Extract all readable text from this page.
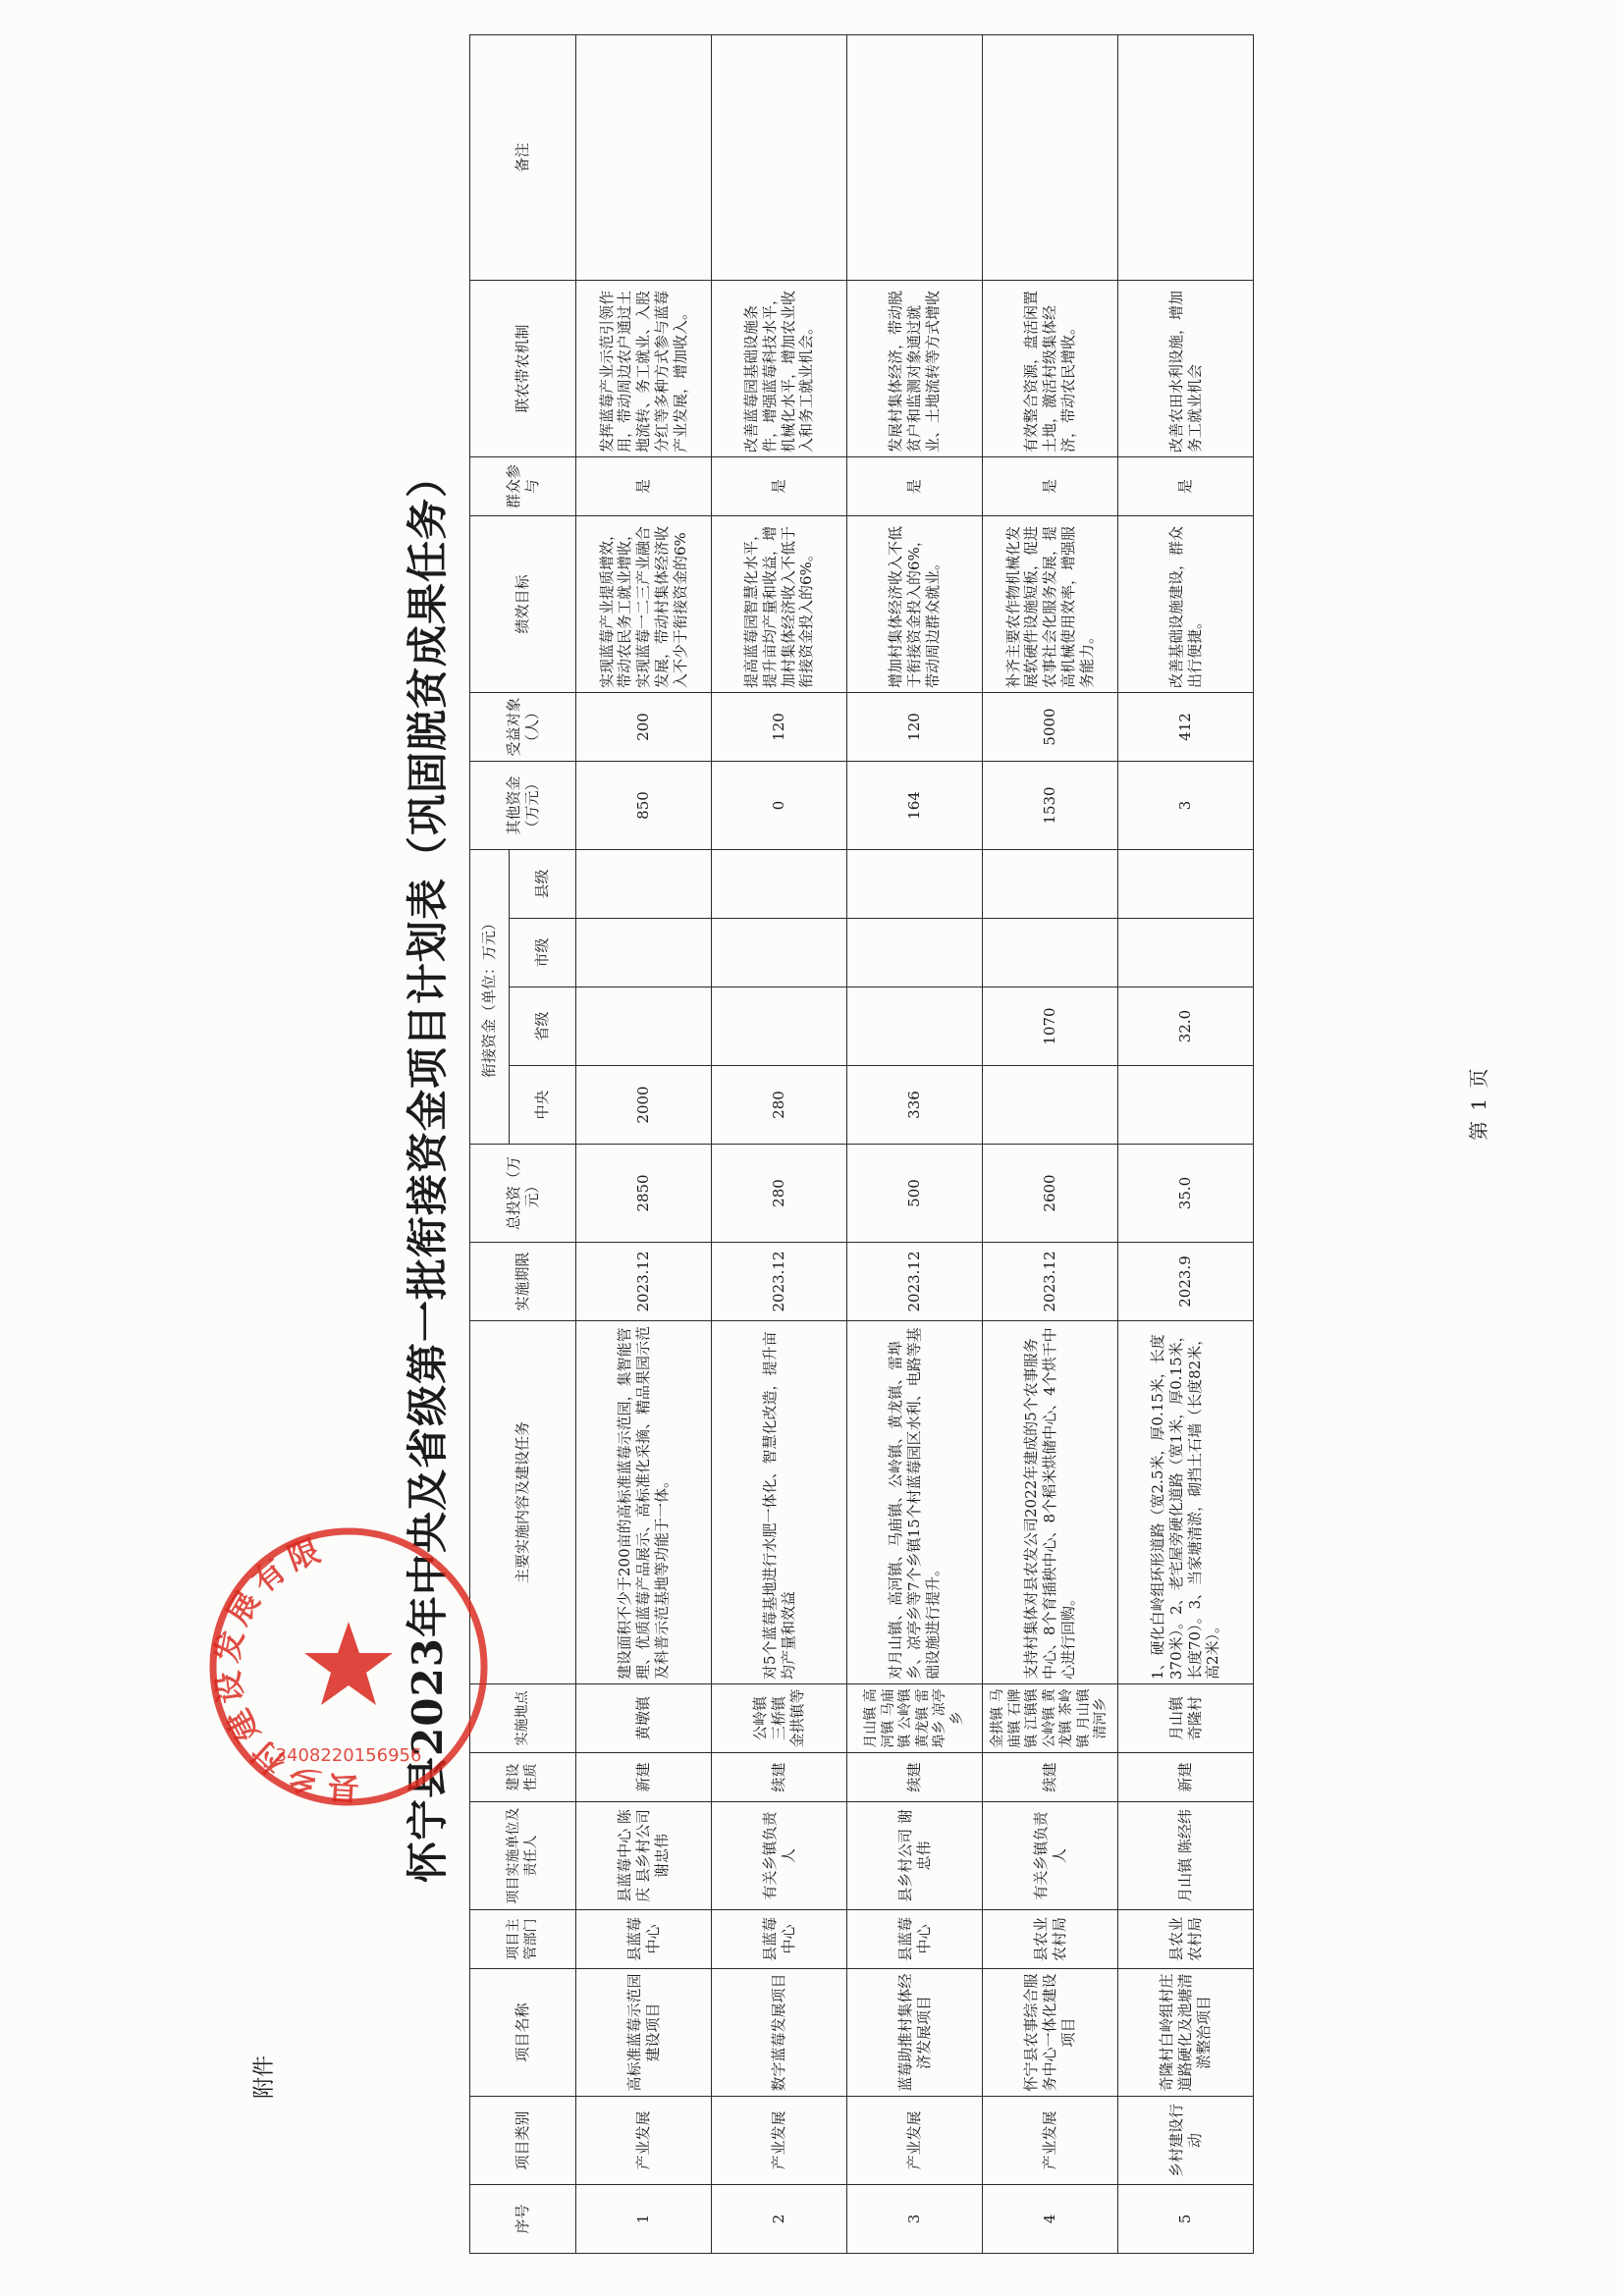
附件
怀宁县2023年中央及省级第一批衔接资金项目计划表（巩固脱贫成果任务）
序号	项目类别	项目名称	项目主管部门	项目实施单位及责任人	建设性质	实施地点	主要实施内容及建设任务	实施期限	总投资（万元）	衔接资金（单位：万元）				其他资金（万元）	受益对象（人）	绩效目标	群众参与	联农带农机制	备注
										中央	省级	市级	县级						
1	产业发展	高标准蓝莓示范园建设项目	县蓝莓中心	县蓝莓中心 陈庆 县乡村公司 谢忠伟	新建	黄墩镇	建设面积不少于200亩的高标准蓝莓示范园，集智能管理、优质蓝莓产品展示、高标准化采摘、精品果园示范及科普示范基地等功能于一体。	2023.12	2850	2000				850	200	实现蓝莓产业提质增效，带动农民务工就业增收，实现蓝莓一二三产业融合发展，带动村集体经济收入不少于衔接资金的6%	是	发挥蓝莓产业示范引领作用，带动周边农户通过土地流转、务工就业、入股分红等多种方式参与蓝莓产业发展，增加收入。	
2	产业发展	数字蓝莓发展项目	县蓝莓中心	有关乡镇负责人	续建	公岭镇 三桥镇 金拱镇等	对5个蓝莓基地进行水肥一体化、智慧化改造，提升亩均产量和效益	2023.12	280	280				0	120	提高蓝莓园智慧化水平，提升亩均产量和收益，增加村集体经济收入不低于衔接资金投入的6%。	是	改善蓝莓园基础设施条件，增强蓝莓科技水平，机械化水平，增加农业收入和务工就业机会。	
3	产业发展	蓝莓助推村集体经济发展项目	县蓝莓中心	县乡村公司 谢忠伟	续建	月山镇 高河镇 马庙镇 公岭镇 黄龙镇 雷埠乡 凉亭乡	对月山镇、高河镇、马庙镇、公岭镇、黄龙镇、雷埠乡、凉亭乡等7个乡镇15个村蓝莓园区水利、电路等基础设施进行提升。	2023.12	500	336				164	120	增加村集体经济收入不低于衔接资金投入的6%，带动周边群众就业。	是	发展村集体经济，带动脱贫户和监测对象通过就业、土地流转等方式增收	
4	产业发展	怀宁县农事综合服务中心一体化建设项目	县农业农村局	有关乡镇负责人	续建	金拱镇 马庙镇 石牌镇 江镇镇 公岭镇 黄龙镇 茶岭镇 月山镇 清河乡	支持村集体对县农发公司2022年建成的5个农事服务中心、8个育插秧中心、8个稻米烘储中心、4个烘干中心进行回购。	2023.12	2600		1070			1530	5000	补齐主要农作物机械化发展软硬件设施短板，促进农事社会化服务发展，提高机械使用效率，增强服务能力。	是	有效整合资源，盘活闲置土地，激活村级集体经济，带动农民增收。	
5	乡村建设行动	奇隆村白岭组村庄道路硬化及池塘清淤整治项目	县农业农村局	月山镇 陈经纬	新建	月山镇 奇隆村	1、硬化白岭组环形道路（宽2.5米，厚0.15米，长度370米）。2、老宅屋旁硬化道路（宽1米，厚0.15米，长度70）。3、当家塘清淤，砌挡土石墙（长度82米，高2米）。	2023.9	35.0		32.0			3	412	改善基础设施建设，群众出行便捷。	是	改善农田水利设施，增加务工就业机会	
第 1 页
县乡村建设发展有限公司
3408220156956
